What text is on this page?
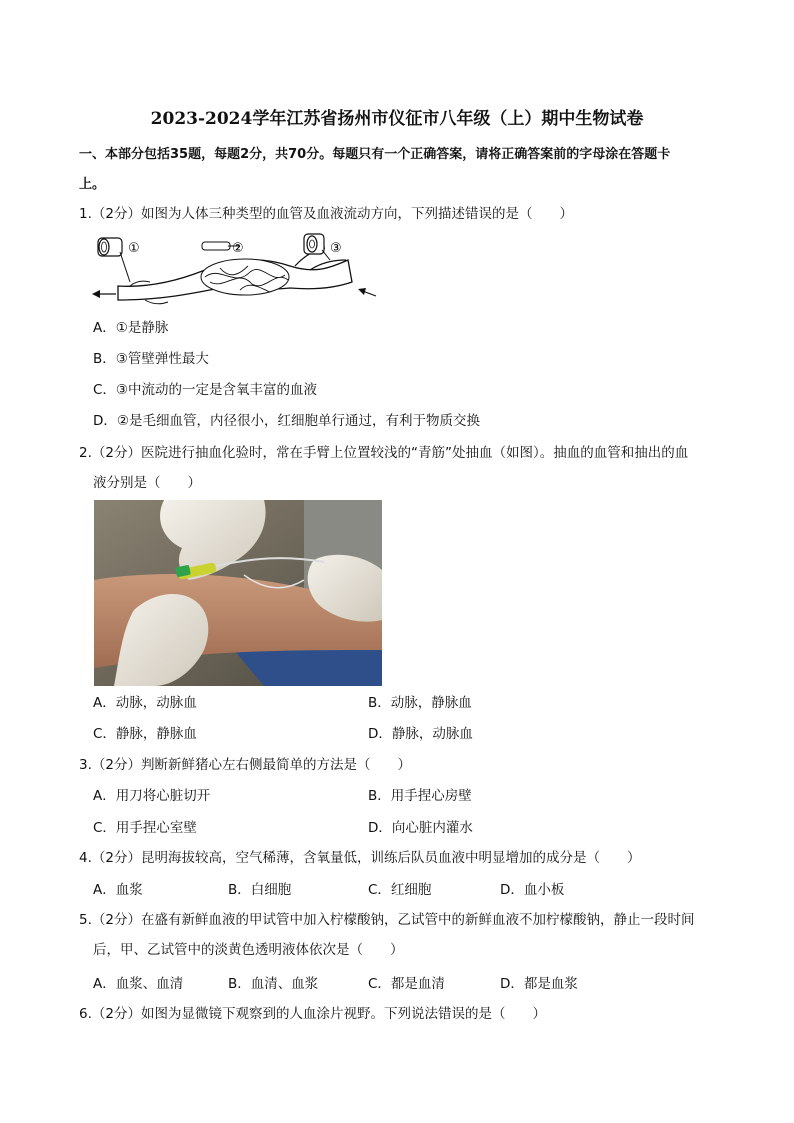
2023-2024学年江苏省扬州市仪征市八年级（上）期中生物试卷
一、本部分包括35题，每题2分，共70分。每题只有一个正确答案，请将正确答案前的字母涂在答题卡
上。
1.（2分）如图为人体三种类型的血管及血液流动方向，下列描述错误的是（　　）
①	②	③
A．①是静脉
B．③管壁弹性最大
C．③中流动的一定是含氧丰富的血液
D．②是毛细血管，内径很小，红细胞单行通过，有利于物质交换
2.（2分）医院进行抽血化验时，常在手臂上位置较浅的“青筋”处抽血（如图）。抽血的血管和抽出的血
液分别是（　　）
A．动脉，动脉血	B．动脉，静脉血
C．静脉，静脉血	D．静脉，动脉血
3.（2分）判断新鲜猪心左右侧最简单的方法是（　　）
A．用刀将心脏切开	B．用手捏心房壁
C．用手捏心室壁	D．向心脏内灌水
4.（2分）昆明海拔较高，空气稀薄，含氧量低，训练后队员血液中明显增加的成分是（　　）
A．血浆	B．白细胞	C．红细胞	D．血小板
5.（2分）在盛有新鲜血液的甲试管中加入柠檬酸钠，乙试管中的新鲜血液不加柠檬酸钠，静止一段时间
后，甲、乙试管中的淡黄色透明液体依次是（　　）
A．血浆、血清	B．血清、血浆	C．都是血清	D．都是血浆
6.（2分）如图为显微镜下观察到的人血涂片视野。下列说法错误的是（　　）
